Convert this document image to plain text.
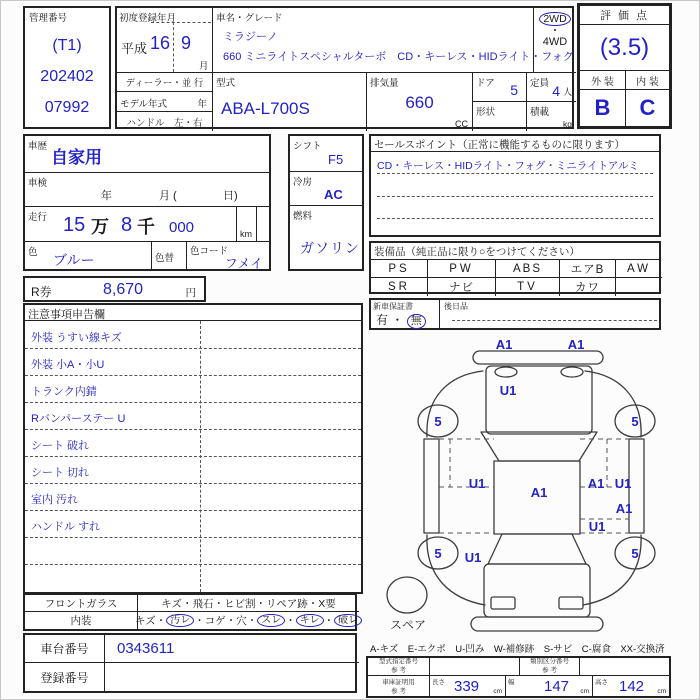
管理番号
(T1)
202402
07992
初度登録年月
平成 16 9
月
車名・グレード
ミラジーノ
660 ミニライトスペシャルターボ　CD・キーレス・HIDライト・フォグ
2WD
・
4WD
ディーラー・並 行
モデル年式	年
ハンドル　左・右
型式
ABA-L700S
排気量
660
CC
ドア 5
形状
定員 4 人
積載
kg
評 価 点
(3.5)
外 装	内 装
B	C
車歴
自家用
車検
年	月 (	日)
走行 15 万 8 千 000	km
色 ブルー	色替
色コード
フメイ
R券	8,670	円
シフト
F5
冷房
AC
燃料
ガソリン
セールスポイント（正常に機能するものに限ります）
CD・キーレス・HIDライト・フォグ・ミニライトアルミ
装備品（純正品に限り○をつけてください）
PS	PW	ABS	エアB	AW
SR	ナビ	TV	カワ
新車保証書
有 ・ 無
後日品
注意事項申告欄
外装 うすい線キズ
外装 小A・小U
トランク内錆
Rバンパーステー U
シート 破れ
シート 切れ
室内 汚れ
ハンドル すれ
フロントガラス	キズ・飛石・ヒビ割・リペア跡・X要
内装	キズ ・ 汚レ ・ コゲ ・ 穴 ・ スレ ・ キレ ・ 破レ
車台番号	0343611
登録番号
A1	A1
U1
5	5
5	5
U1
A1
A1 U1
A1
U1
U1
スペア
A-キズ　E-エクボ　U-凹み　W-補修跡　S-サビ　C-腐食　XX-交換済
型式指定番号
参 考
類別区分番号
参 考
車庫証明用
参 考
長さ 339 cm
幅 147 cm
高さ 142 cm
